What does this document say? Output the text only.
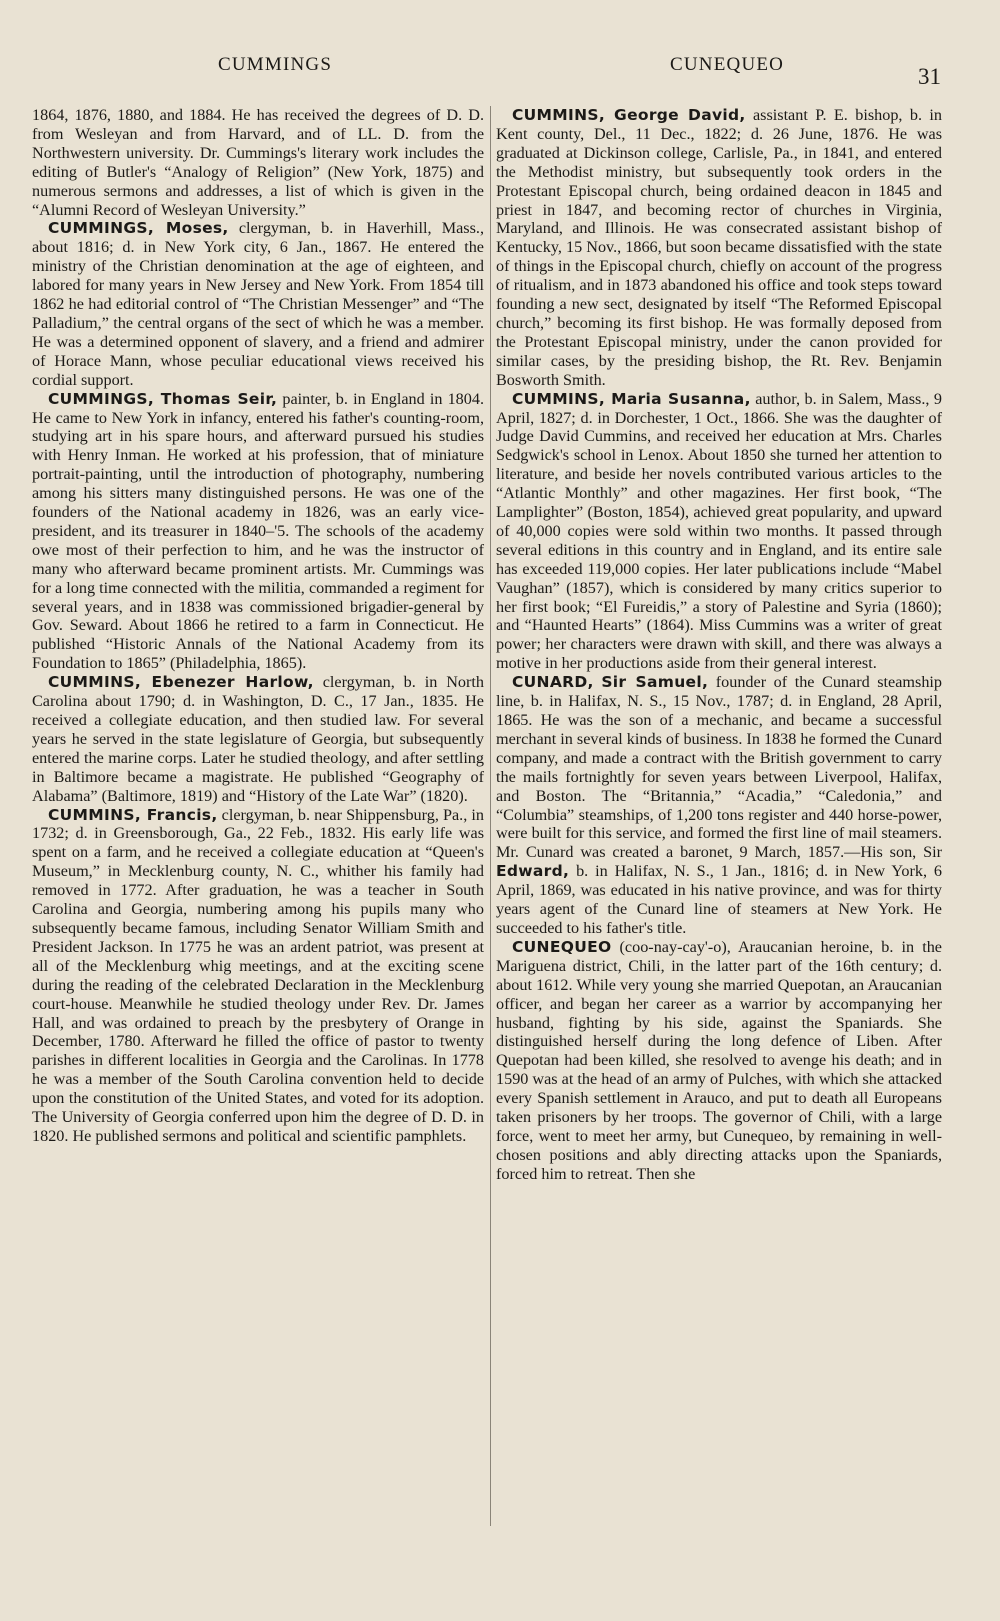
CUMMINGS	CUNEQUEO	31

1864, 1876, 1880, and 1884. He has received the degrees of D. D. from Wesleyan and from Harvard, and of LL. D. from the Northwestern university. Dr. Cummings's literary work includes the editing of Butler's “Analogy of Religion” (New York, 1875) and numerous sermons and addresses, a list of which is given in the “Alumni Record of Wesleyan University.”

CUMMINGS, Moses, clergyman, b. in Haverhill, Mass., about 1816; d. in New York city, 6 Jan., 1867. He entered the ministry of the Christian denomination at the age of eighteen, and labored for many years in New Jersey and New York. From 1854 till 1862 he had editorial control of “The Christian Messenger” and “The Palladium,” the central organs of the sect of which he was a member. He was a determined opponent of slavery, and a friend and admirer of Horace Mann, whose peculiar educational views received his cordial support.

CUMMINGS, Thomas Seir, painter, b. in England in 1804. He came to New York in infancy, entered his father's counting-room, studying art in his spare hours, and afterward pursued his studies with Henry Inman. He worked at his profession, that of miniature portrait-painting, until the introduction of photography, numbering among his sitters many distinguished persons. He was one of the founders of the National academy in 1826, was an early vice-president, and its treasurer in 1840–'5. The schools of the academy owe most of their perfection to him, and he was the instructor of many who afterward became prominent artists. Mr. Cummings was for a long time connected with the militia, commanded a regiment for several years, and in 1838 was commissioned brigadier-general by Gov. Seward. About 1866 he retired to a farm in Connecticut. He published “Historic Annals of the National Academy from its Foundation to 1865” (Philadelphia, 1865).

CUMMINS, Ebenezer Harlow, clergyman, b. in North Carolina about 1790; d. in Washington, D. C., 17 Jan., 1835. He received a collegiate education, and then studied law. For several years he served in the state legislature of Georgia, but subsequently entered the marine corps. Later he studied theology, and after settling in Baltimore became a magistrate. He published “Geography of Alabama” (Baltimore, 1819) and “History of the Late War” (1820).

CUMMINS, Francis, clergyman, b. near Shippensburg, Pa., in 1732; d. in Greensborough, Ga., 22 Feb., 1832. His early life was spent on a farm, and he received a collegiate education at “Queen's Museum,” in Mecklenburg county, N. C., whither his family had removed in 1772. After graduation, he was a teacher in South Carolina and Georgia, numbering among his pupils many who subsequently became famous, including Senator William Smith and President Jackson. In 1775 he was an ardent patriot, was present at all of the Mecklenburg whig meetings, and at the exciting scene during the reading of the celebrated Declaration in the Mecklenburg court-house. Meanwhile he studied theology under Rev. Dr. James Hall, and was ordained to preach by the presbytery of Orange in December, 1780. Afterward he filled the office of pastor to twenty parishes in different localities in Georgia and the Carolinas. In 1778 he was a member of the South Carolina convention held to decide upon the constitution of the United States, and voted for its adoption. The University of Georgia conferred upon him the degree of D. D. in 1820. He published sermons and political and scientific pamphlets.

CUMMINS, George David, assistant P. E. bishop, b. in Kent county, Del., 11 Dec., 1822; d. 26 June, 1876. He was graduated at Dickinson college, Carlisle, Pa., in 1841, and entered the Methodist ministry, but subsequently took orders in the Protestant Episcopal church, being ordained deacon in 1845 and priest in 1847, and becoming rector of churches in Virginia, Maryland, and Illinois. He was consecrated assistant bishop of Kentucky, 15 Nov., 1866, but soon became dissatisfied with the state of things in the Episcopal church, chiefly on account of the progress of ritualism, and in 1873 abandoned his office and took steps toward founding a new sect, designated by itself “The Reformed Episcopal church,” becoming its first bishop. He was formally deposed from the Protestant Episcopal ministry, under the canon provided for similar cases, by the presiding bishop, the Rt. Rev. Benjamin Bosworth Smith.

CUMMINS, Maria Susanna, author, b. in Salem, Mass., 9 April, 1827; d. in Dorchester, 1 Oct., 1866. She was the daughter of Judge David Cummins, and received her education at Mrs. Charles Sedgwick's school in Lenox. About 1850 she turned her attention to literature, and beside her novels contributed various articles to the “Atlantic Monthly” and other magazines. Her first book, “The Lamplighter” (Boston, 1854), achieved great popularity, and upward of 40,000 copies were sold within two months. It passed through several editions in this country and in England, and its entire sale has exceeded 119,000 copies. Her later publications include “Mabel Vaughan” (1857), which is considered by many critics superior to her first book; “El Fureidis,” a story of Palestine and Syria (1860); and “Haunted Hearts” (1864). Miss Cummins was a writer of great power; her characters were drawn with skill, and there was always a motive in her productions aside from their general interest.

CUNARD, Sir Samuel, founder of the Cunard steamship line, b. in Halifax, N. S., 15 Nov., 1787; d. in England, 28 April, 1865. He was the son of a mechanic, and became a successful merchant in several kinds of business. In 1838 he formed the Cunard company, and made a contract with the British government to carry the mails fortnightly for seven years between Liverpool, Halifax, and Boston. The “Britannia,” “Acadia,” “Caledonia,” and “Columbia” steamships, of 1,200 tons register and 440 horse-power, were built for this service, and formed the first line of mail steamers. Mr. Cunard was created a baronet, 9 March, 1857.—His son, Sir Edward, b. in Halifax, N. S., 1 Jan., 1816; d. in New York, 6 April, 1869, was educated in his native province, and was for thirty years agent of the Cunard line of steamers at New York. He succeeded to his father's title.

CUNEQUEO (coo-nay-cay'-o), Araucanian heroine, b. in the Mariguena district, Chili, in the latter part of the 16th century; d. about 1612. While very young she married Quepotan, an Araucanian officer, and began her career as a warrior by accompanying her husband, fighting by his side, against the Spaniards. She distinguished herself during the long defence of Liben. After Quepotan had been killed, she resolved to avenge his death; and in 1590 was at the head of an army of Pulches, with which she attacked every Spanish settlement in Arauco, and put to death all Europeans taken prisoners by her troops. The governor of Chili, with a large force, went to meet her army, but Cunequeo, by remaining in well-chosen positions and ably directing attacks upon the Spaniards, forced him to retreat. Then she
